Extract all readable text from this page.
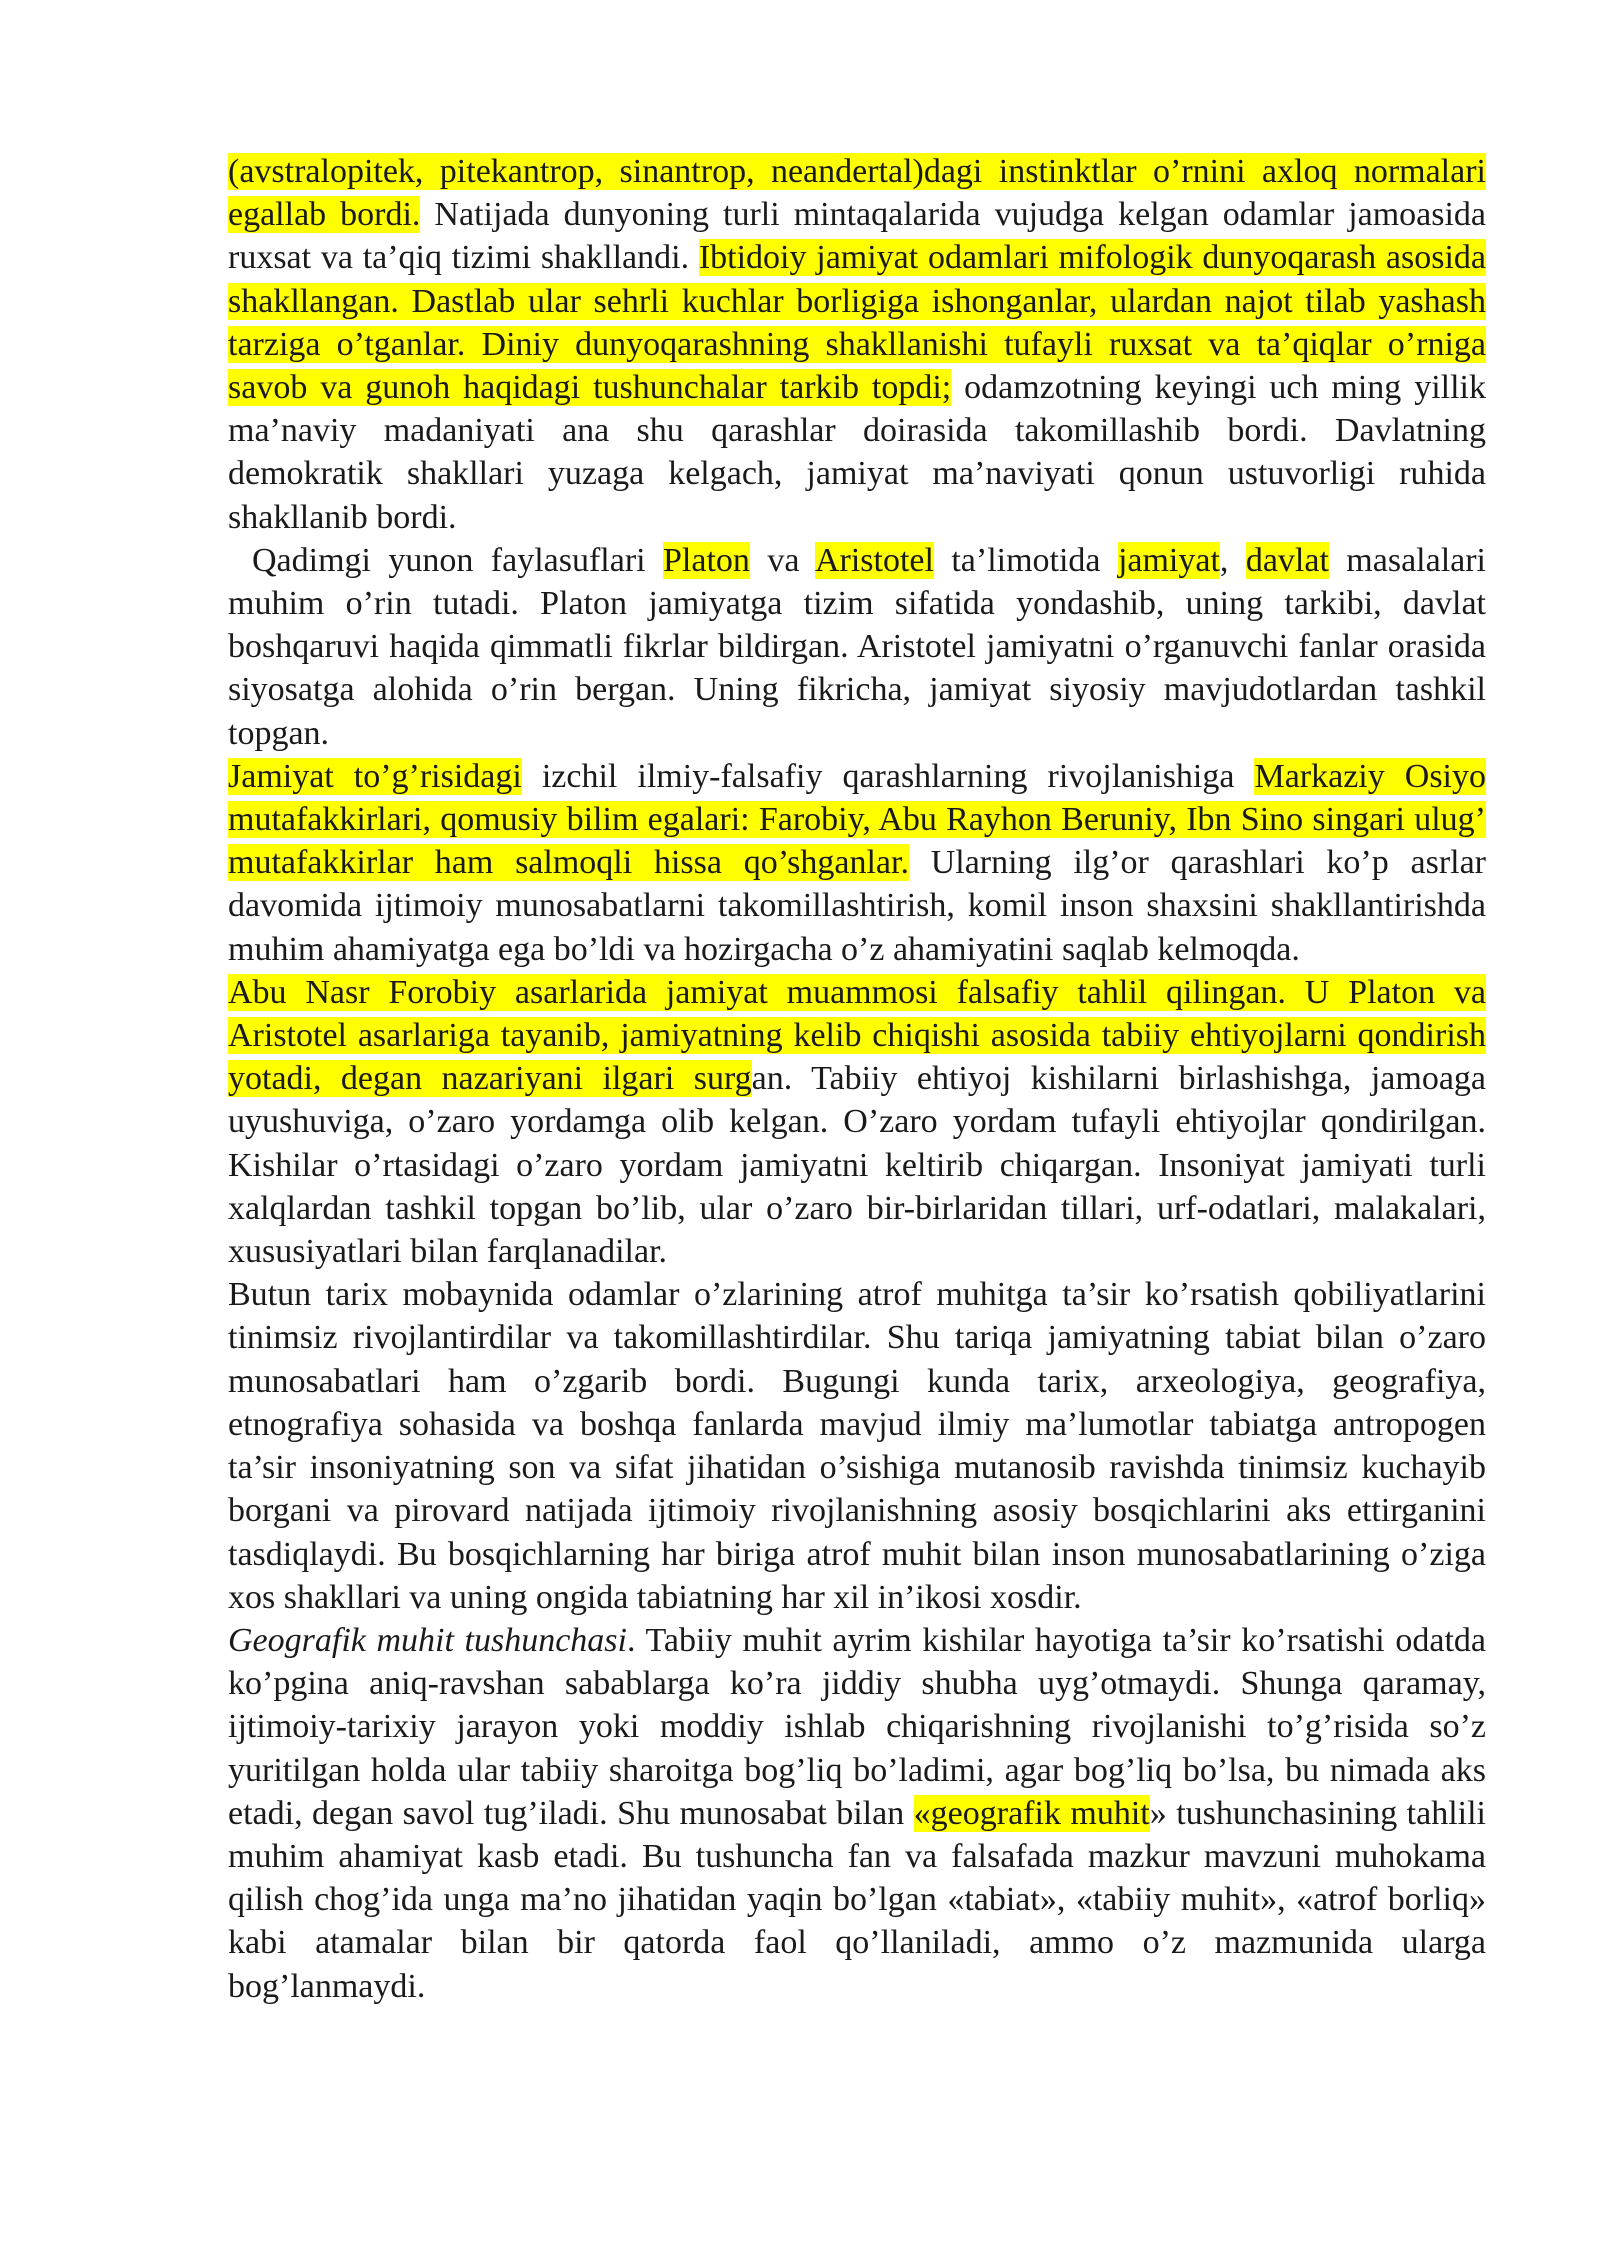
(avstralopitek, pitekantrop, sinantrop, neandertal)dagi instinktlar o’rnini axloq normalari egallab bordi. Natijada dunyoning turli mintaqalarida vujudga kelgan odamlar jamoasida ruxsat va ta’qiq tizimi shakllandi. Ibtidoiy jamiyat odamlari mifologik dunyoqarash asosida shakllangan. Dastlab ular sehrli kuchlar borligiga ishonganlar, ulardan najot tilab yashash tarziga o’tganlar. Diniy dunyoqarashning shakllanishi tufayli ruxsat va ta’qiqlar o’rniga savob va gunoh haqidagi tushunchalar tarkib topdi; odamzotning keyingi uch ming yillik ma’naviy madaniyati ana shu qarashlar doirasida takomillashib bordi. Davlatning demokratik shakllari yuzaga kelgach, jamiyat ma’naviyati qonun ustuvorligi ruhida shakllanib bordi.

Qadimgi yunon faylasuflari Platon va Aristotel ta’limotida jamiyat, davlat masalalari muhim o’rin tutadi. Platon jamiyatga tizim sifatida yondashib, uning tarkibi, davlat boshqaruvi haqida qimmatli fikrlar bildirgan. Aristotel jamiyatni o’rganuvchi fanlar orasida siyosatga alohida o’rin bergan. Uning fikricha, jamiyat siyosiy mavjudotlardan tashkil topgan.

Jamiyat to’g’risidagi izchil ilmiy-falsafiy qarashlarning rivojlanishiga Markaziy Osiyo mutafakkirlari, qomusiy bilim egalari: Farobiy, Abu Rayhon Beruniy, Ibn Sino singari ulug’ mutafakkirlar ham salmoqli hissa qo’shganlar. Ularning ilg’or qarashlari ko’p asrlar davomida ijtimoiy munosabatlarni takomillashtirish, komil inson shaxsini shakllantirishda muhim ahamiyatga ega bo’ldi va hozirgacha o’z ahamiyatini saqlab kelmoqda.

Abu Nasr Forobiy asarlarida jamiyat muammosi falsafiy tahlil qilingan. U Platon va Aristotel asarlariga tayanib, jamiyatning kelib chiqishi asosida tabiiy ehtiyojlarni qondirish yotadi, degan nazariyani ilgari surgan. Tabiiy ehtiyoj kishilarni birlashishga, jamoaga uyushuviga, o’zaro yordamga olib kelgan. O’zaro yordam tufayli ehtiyojlar qondirilgan. Kishilar o’rtasidagi o’zaro yordam jamiyatni keltirib chiqargan. Insoniyat jamiyati turli xalqlardan tashkil topgan bo’lib, ular o’zaro bir-birlaridan tillari, urf-odatlari, malakalari, xususiyatlari bilan farqlanadilar.

Butun tarix mobaynida odamlar o’zlarining atrof muhitga ta’sir ko’rsatish qobiliyatlarini tinimsiz rivojlantirdilar va takomillashtirdilar. Shu tariqa jamiyatning tabiat bilan o’zaro munosabatlari ham o’zgarib bordi. Bugungi kunda tarix, arxeologiya, geografiya, etnografiya sohasida va boshqa fanlarda mavjud ilmiy ma’lumotlar tabiatga antropogen ta’sir insoniyatning son va sifat jihatidan o’sishiga mutanosib ravishda tinimsiz kuchayib borgani va pirovard natijada ijtimoiy rivojlanishning asosiy bosqichlarini aks ettirganini tasdiqlaydi. Bu bosqichlarning har biriga atrof muhit bilan inson munosabatlarining o’ziga xos shakllari va uning ongida tabiatning har xil in’ikosi xosdir.

Geografik muhit tushunchasi. Tabiiy muhit ayrim kishilar hayotiga ta’sir ko’rsatishi odatda ko’pgina aniq-ravshan sabablarga ko’ra jiddiy shubha uyg’otmaydi. Shunga qaramay, ijtimoiy-tarixiy jarayon yoki moddiy ishlab chiqarishning rivojlanishi to’g’risida so’z yuritilgan holda ular tabiiy sharoitga bog’liq bo’ladimi, agar bog’liq bo’lsa, bu nimada aks etadi, degan savol tug’iladi. Shu munosabat bilan «geografik muhit» tushunchasining tahlili muhim ahamiyat kasb etadi. Bu tushuncha fan va falsafada mazkur mavzuni muhokama qilish chog’ida unga ma’no jihatidan yaqin bo’lgan «tabiat», «tabiiy muhit», «atrof borliq» kabi atamalar bilan bir qatorda faol qo’llaniladi, ammo o’z mazmunida ularga bog’lanmaydi.
